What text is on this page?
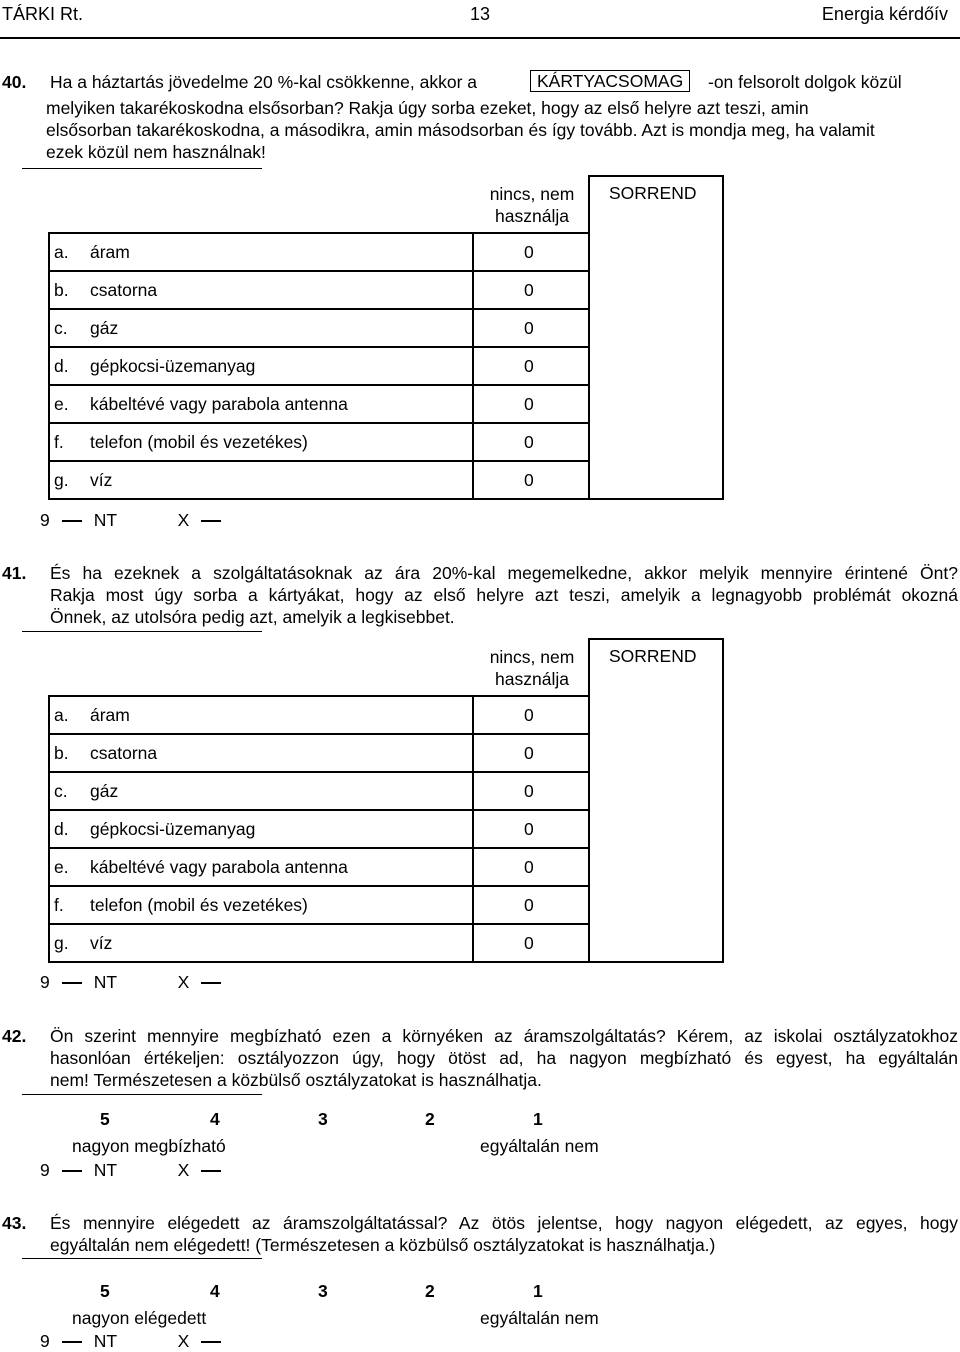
TÁRKI Rt.	13	Energia kérdőív
40. Ha a háztartás jövedelme 20 %-kal csökkenne, akkor a	KÁRTYACSOMAG	-on felsorolt dolgok közül
melyiken takarékoskodna elsősorban? Rakja úgy sorba ezeket, hogy az első helyre azt teszi, amin
elsősorban takarékoskodna, a másodikra, amin másodsorban és így tovább. Azt is mondja meg, ha valamit
ezek közül nem használnak!
nincs, nem
használja
SORREND
a. áram	0
b. csatorna	0
c. gáz	0
d. gépkocsi-üzemanyag	0
e. kábeltévé vagy parabola antenna	0
f. telefon (mobil és vezetékes)	0
g. víz	0
9	NT	X
41. És ha ezeknek a szolgáltatásoknak az ára 20%-kal megemelkedne, akkor melyik mennyire érintené Önt?
Rakja most úgy sorba a kártyákat, hogy az első helyre azt teszi, amelyik a legnagyobb problémát okozná
Önnek, az utolsóra pedig azt, amelyik a legkisebbet.
nincs, nem
használja
SORREND
a. áram	0
b. csatorna	0
c. gáz	0
d. gépkocsi-üzemanyag	0
e. kábeltévé vagy parabola antenna	0
f. telefon (mobil és vezetékes)	0
g. víz	0
9	NT	X
42. Ön szerint mennyire megbízható ezen a környéken az áramszolgáltatás? Kérem, az iskolai osztályzatokhoz
hasonlóan értékeljen: osztályozzon úgy, hogy ötöst ad, ha nagyon megbízható és egyest, ha egyáltalán
nem! Természetesen a közbülső osztályzatokat is használhatja.
5	4	3	2	1
nagyon megbízható	egyáltalán nem
9	NT	X
43. És mennyire elégedett az áramszolgáltatással? Az ötös jelentse, hogy nagyon elégedett, az egyes, hogy
egyáltalán nem elégedett! (Természetesen a közbülső osztályzatokat is használhatja.)
5	4	3	2	1
nagyon elégedett	egyáltalán nem
9	NT	X
